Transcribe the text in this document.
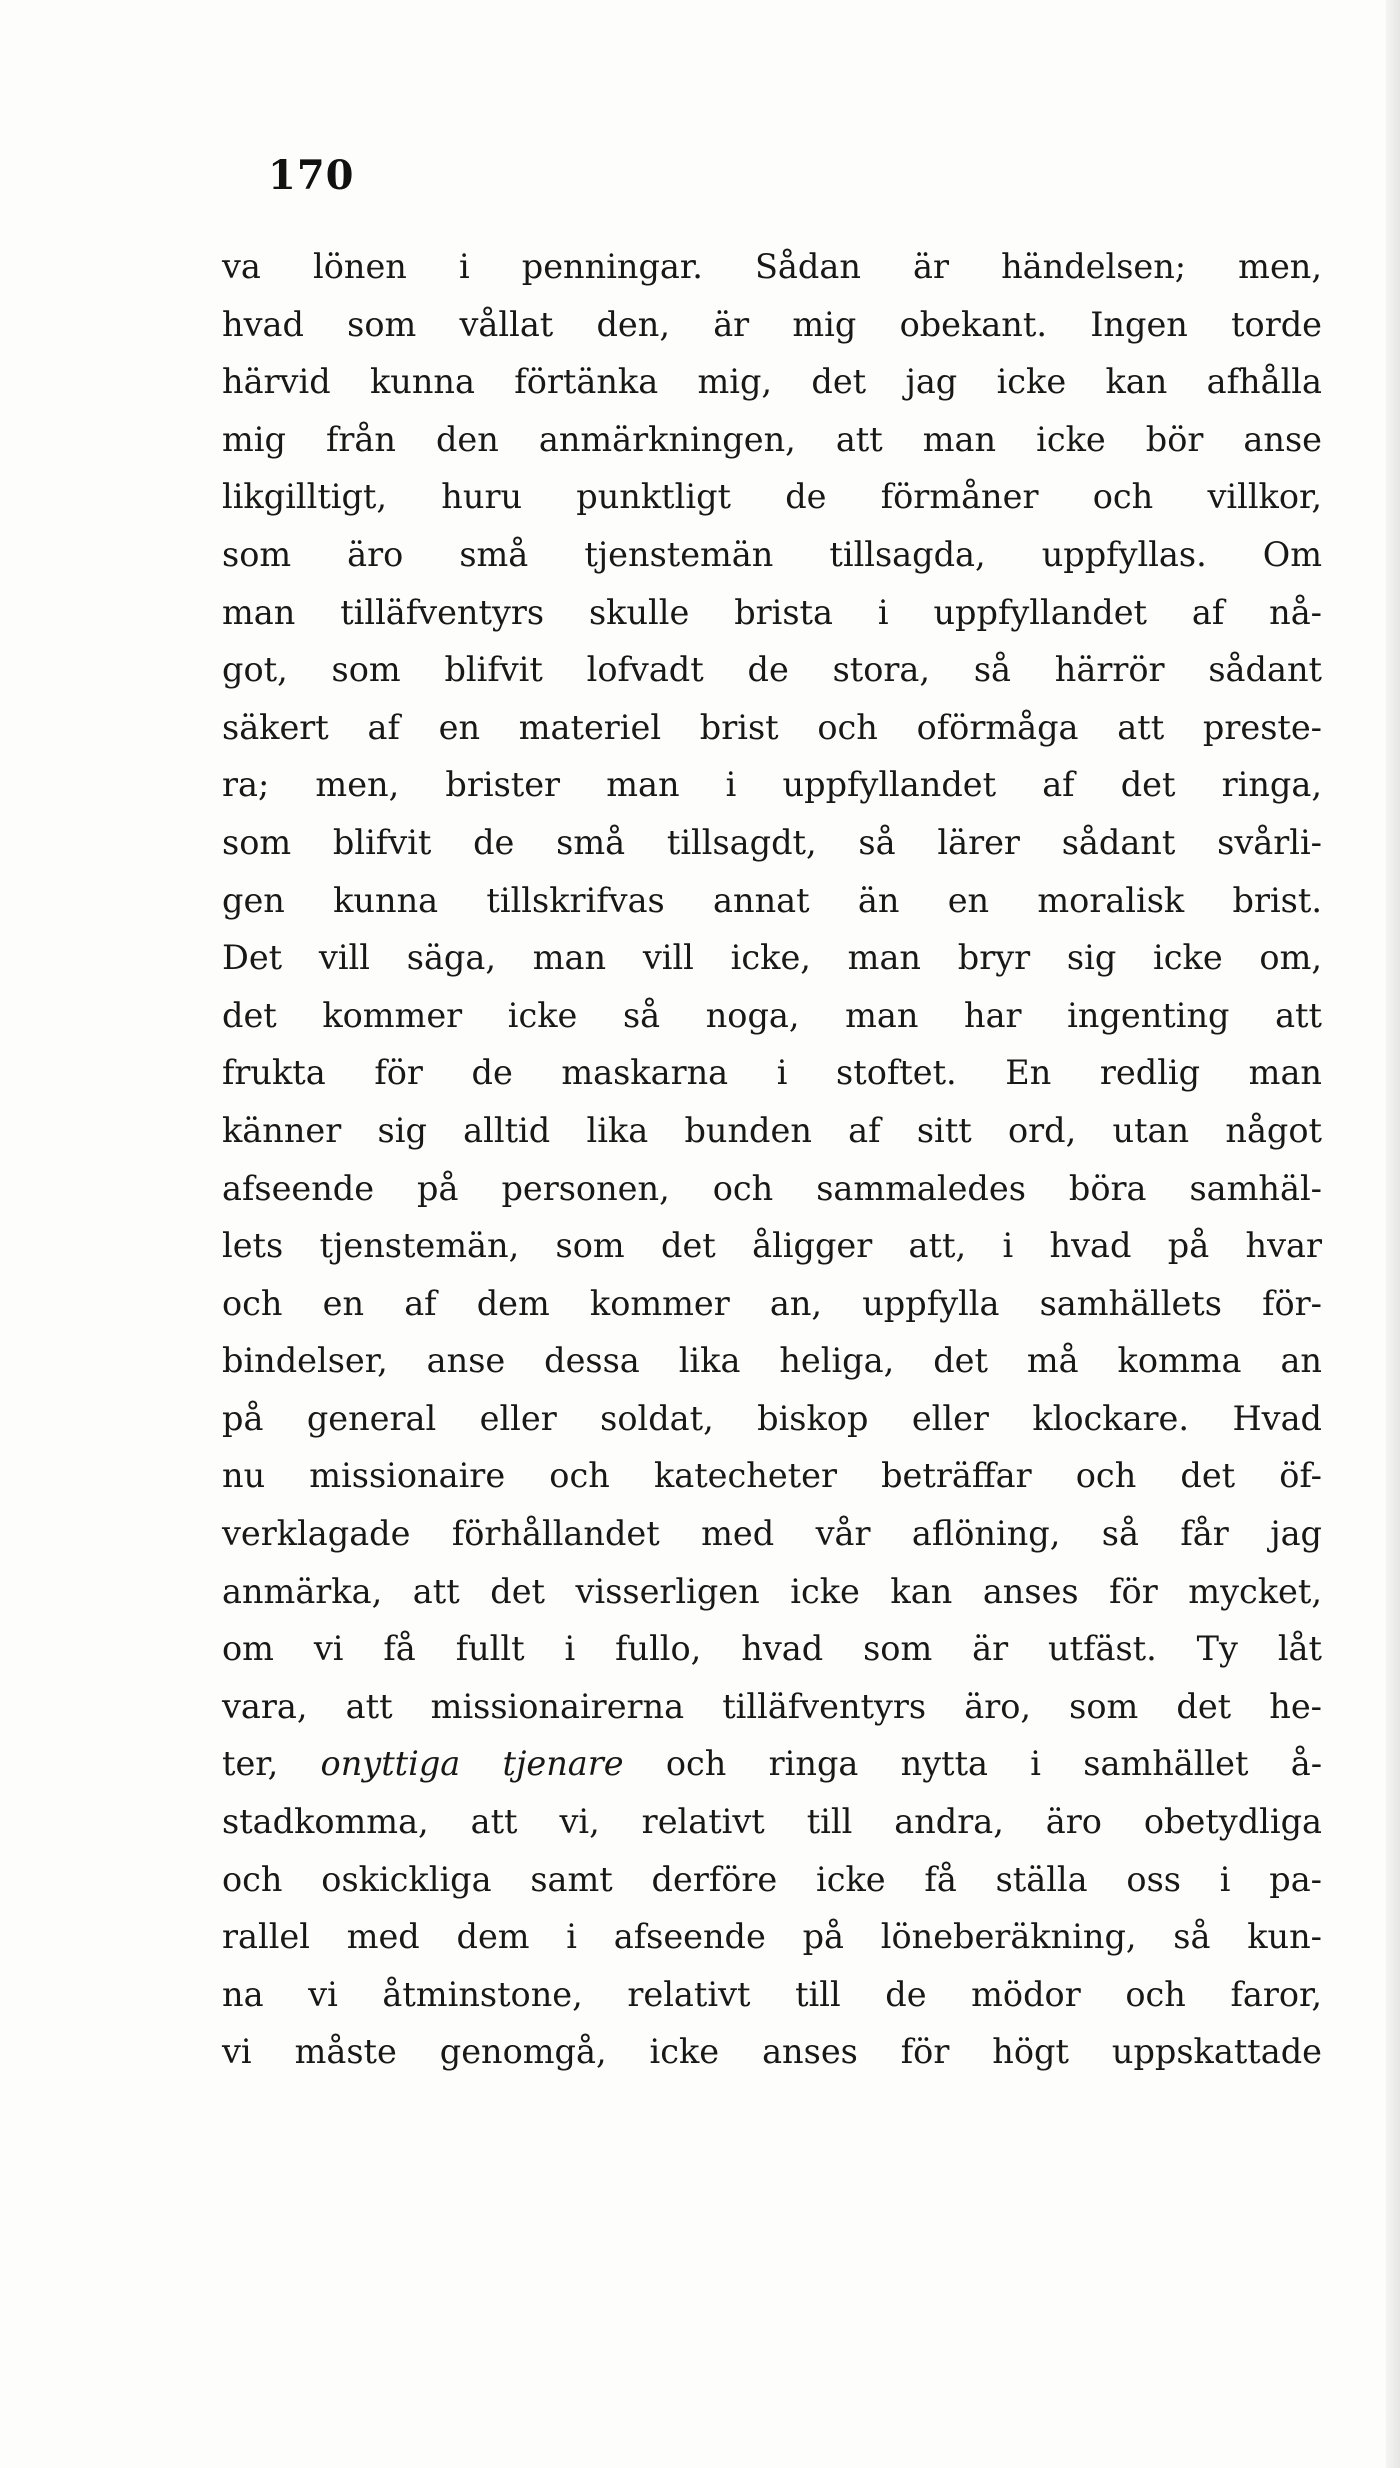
170
va lönen i penningar. Sådan är händelsen; men,
hvad som vållat den, är mig obekant. Ingen torde
härvid kunna förtänka mig, det jag icke kan afhålla
mig från den anmärkningen, att man icke bör anse
likgilltigt, huru punktligt de förmåner och villkor,
som äro små tjenstemän tillsagda, uppfyllas. Om
man tilläfventyrs skulle brista i uppfyllandet af nå-
got, som blifvit lofvadt de stora, så härrör sådant
säkert af en materiel brist och oförmåga att preste-
ra; men, brister man i uppfyllandet af det ringa,
som blifvit de små tillsagdt, så lärer sådant svårli-
gen kunna tillskrifvas annat än en moralisk brist.
Det vill säga, man vill icke, man bryr sig icke om,
det kommer icke så noga, man har ingenting att
frukta för de maskarna i stoftet. En redlig man
känner sig alltid lika bunden af sitt ord, utan något
afseende på personen, och sammaledes böra samhäl-
lets tjenstemän, som det åligger att, i hvad på hvar
och en af dem kommer an, uppfylla samhällets för-
bindelser, anse dessa lika heliga, det må komma an
på general eller soldat, biskop eller klockare. Hvad
nu missionaire och katecheter beträffar och det öf-
verklagade förhållandet med vår aflöning, så får jag
anmärka, att det visserligen icke kan anses för mycket,
om vi få fullt i fullo, hvad som är utfäst. Ty låt
vara, att missionairerna tilläfventyrs äro, som det he-
ter, onyttiga tjenare och ringa nytta i samhället å-
stadkomma, att vi, relativt till andra, äro obetydliga
och oskickliga samt derföre icke få ställa oss i pa-
rallel med dem i afseende på löneberäkning, så kun-
na vi åtminstone, relativt till de mödor och faror,
vi måste genomgå, icke anses för högt uppskattade
